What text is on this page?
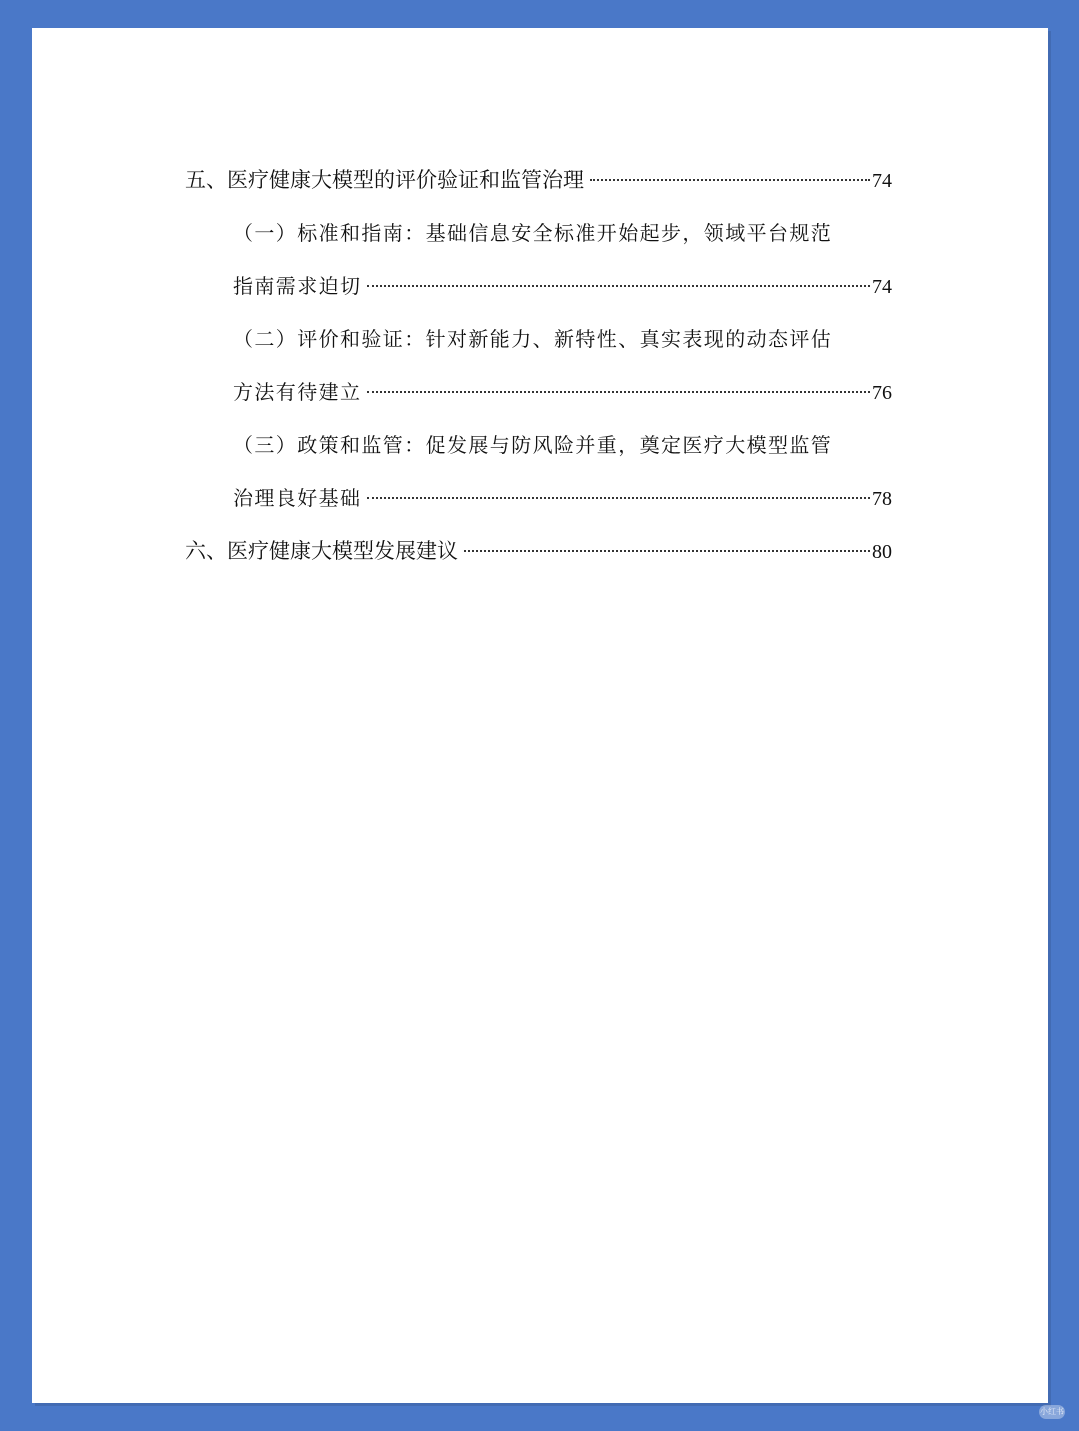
五、医疗健康大模型的评价验证和监管治理	74
（一）标准和指南：基础信息安全标准开始起步，领域平台规范
指南需求迫切	74
（二）评价和验证：针对新能力、新特性、真实表现的动态评估
方法有待建立	76
（三）政策和监管：促发展与防风险并重，奠定医疗大模型监管
治理良好基础	78
六、医疗健康大模型发展建议	80
小红书
